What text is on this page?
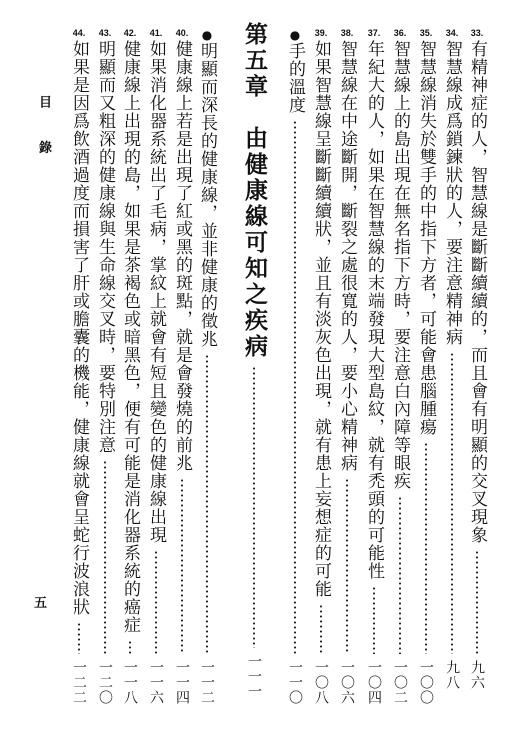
目 錄
五
33.
有精神症的人，智慧線是斷斷續續的，而且會有明顯的交叉現象
九六
34.
智慧線成爲鎖鍊狀的人，要注意精神病
九八
35.
智慧線消失於雙手的中指下方者，可能會患腦腫瘍
一〇〇
36.
智慧線上的島出現在無名指下方時，要注意白內障等眼疾
一〇二
37.
年紀大的人，如果在智慧線的末端發現大型島紋，就有禿頭的可能性
一〇四
38.
智慧線在中途斷開，斷裂之處很寬的人，要小心精神病
一〇六
39.
如果智慧線呈斷斷續續狀，並且有淡灰色出現，就有患上妄想症的可能
一〇八
●
手的溫度
一一〇
第五章　由健康線可知之疾病
一一一
●
明顯而深長的健康線，並非健康的徵兆
一一二
40.
健康線上若是出現了紅或黑的斑點，就是會發燒的前兆
一一四
41.
如果消化器系統出了毛病，掌紋上就會有短且變色的健康線出現
一一六
42.
健康線上出現的島，如果是茶褐色或暗黑色，便有可能是消化器系統的癌症
一一八
43.
明顯而又粗深的健康線與生命線交叉時，要特別注意
一二〇
44.
如果是因爲飲酒過度而損害了肝或膽囊的機能，健康線就會呈蛇行波浪狀
一二二
